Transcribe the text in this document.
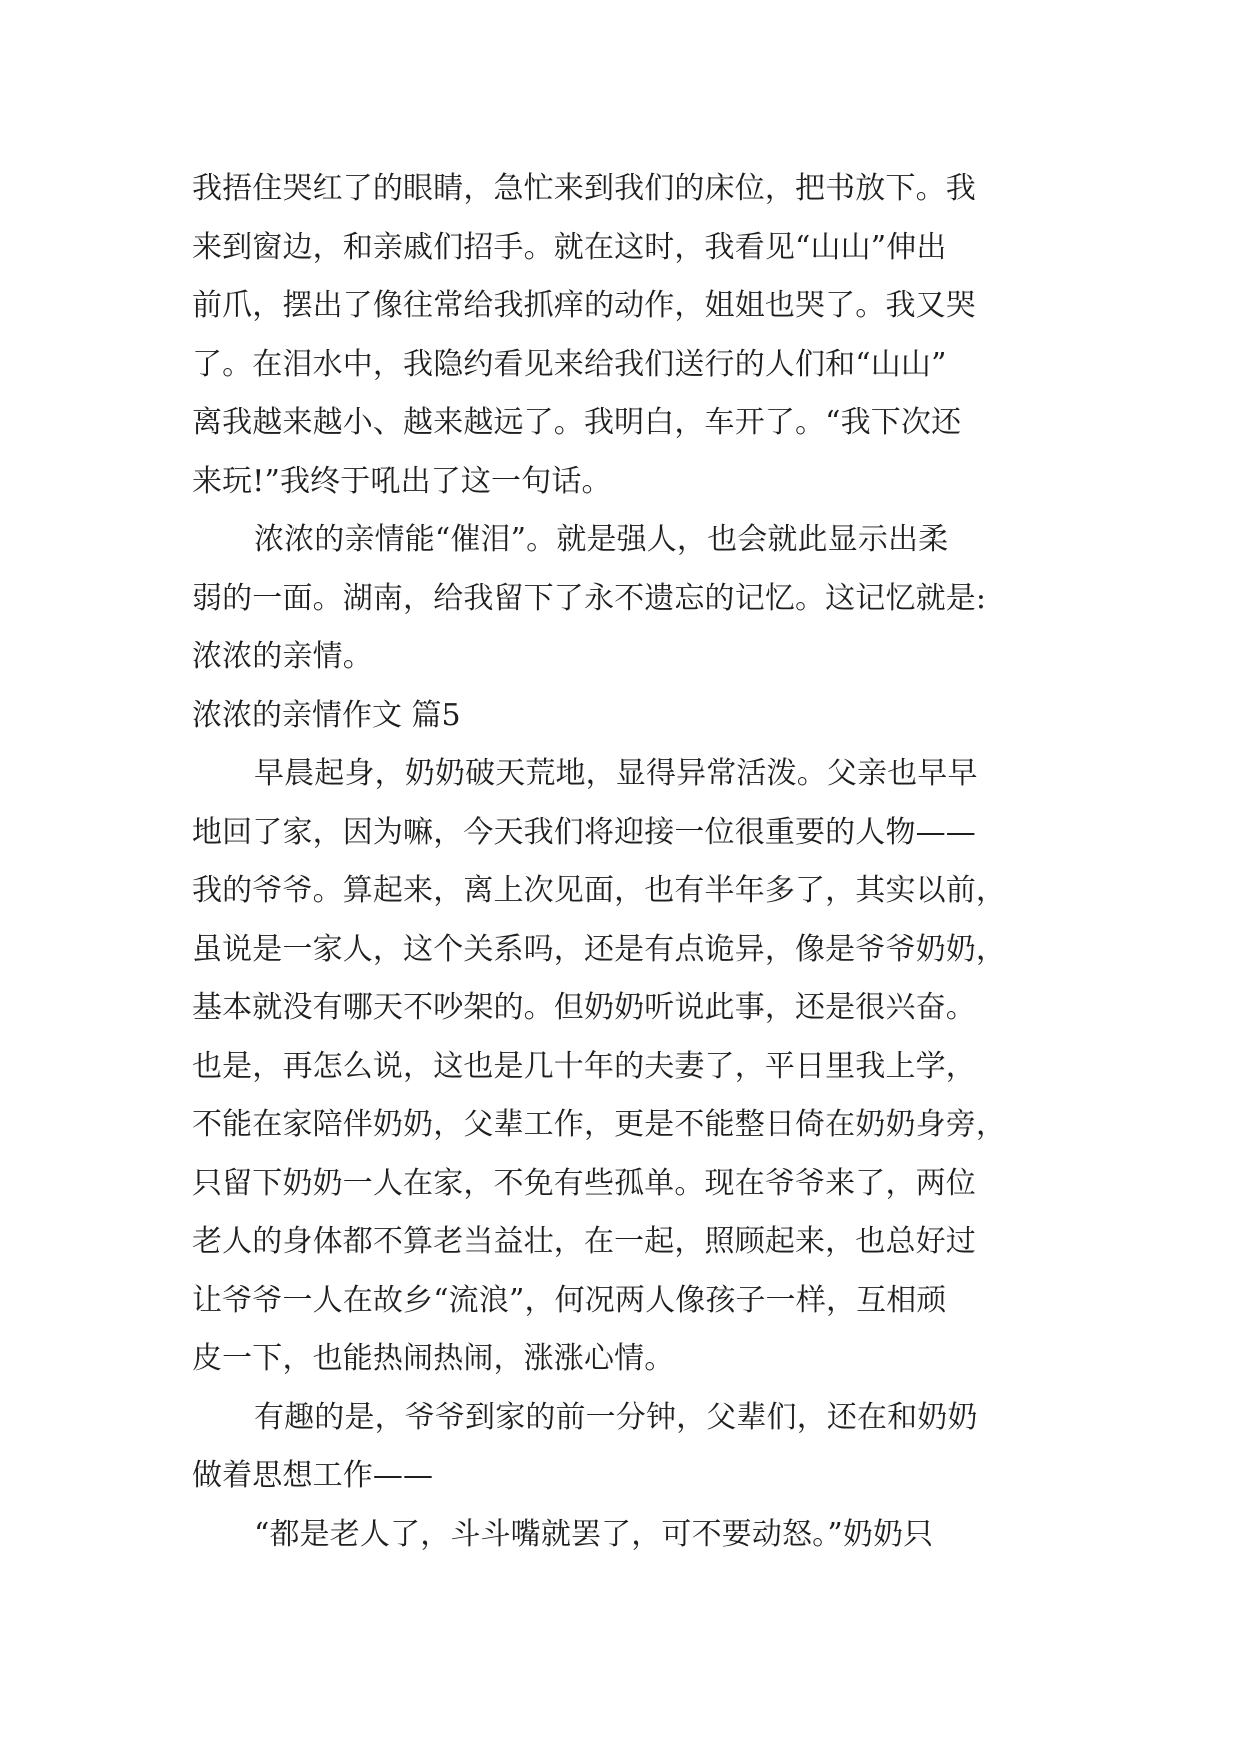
我捂住哭红了的眼睛，急忙来到我们的床位，把书放下。我
来到窗边，和亲戚们招手。就在这时，我看见“山山”伸出
前爪，摆出了像往常给我抓痒的动作，姐姐也哭了。我又哭
了。在泪水中，我隐约看见来给我们送行的人们和“山山”
离我越来越小、越来越远了。我明白，车开了。“我下次还
来玩!”我终于吼出了这一句话。
浓浓的亲情能“催泪”。就是强人，也会就此显示出柔
弱的一面。湖南，给我留下了永不遗忘的记忆。这记忆就是:
浓浓的亲情。
浓浓的亲情作文 篇5
早晨起身，奶奶破天荒地，显得异常活泼。父亲也早早
地回了家，因为嘛，今天我们将迎接一位很重要的人物——
我的爷爷。算起来，离上次见面，也有半年多了，其实以前，
虽说是一家人，这个关系吗，还是有点诡异，像是爷爷奶奶，
基本就没有哪天不吵架的。但奶奶听说此事，还是很兴奋。
也是，再怎么说，这也是几十年的夫妻了，平日里我上学，
不能在家陪伴奶奶，父辈工作，更是不能整日倚在奶奶身旁，
只留下奶奶一人在家，不免有些孤单。现在爷爷来了，两位
老人的身体都不算老当益壮，在一起，照顾起来，也总好过
让爷爷一人在故乡“流浪”，何况两人像孩子一样，互相顽
皮一下，也能热闹热闹，涨涨心情。
有趣的是，爷爷到家的前一分钟，父辈们，还在和奶奶
做着思想工作——
“都是老人了，斗斗嘴就罢了，可不要动怒。”奶奶只
